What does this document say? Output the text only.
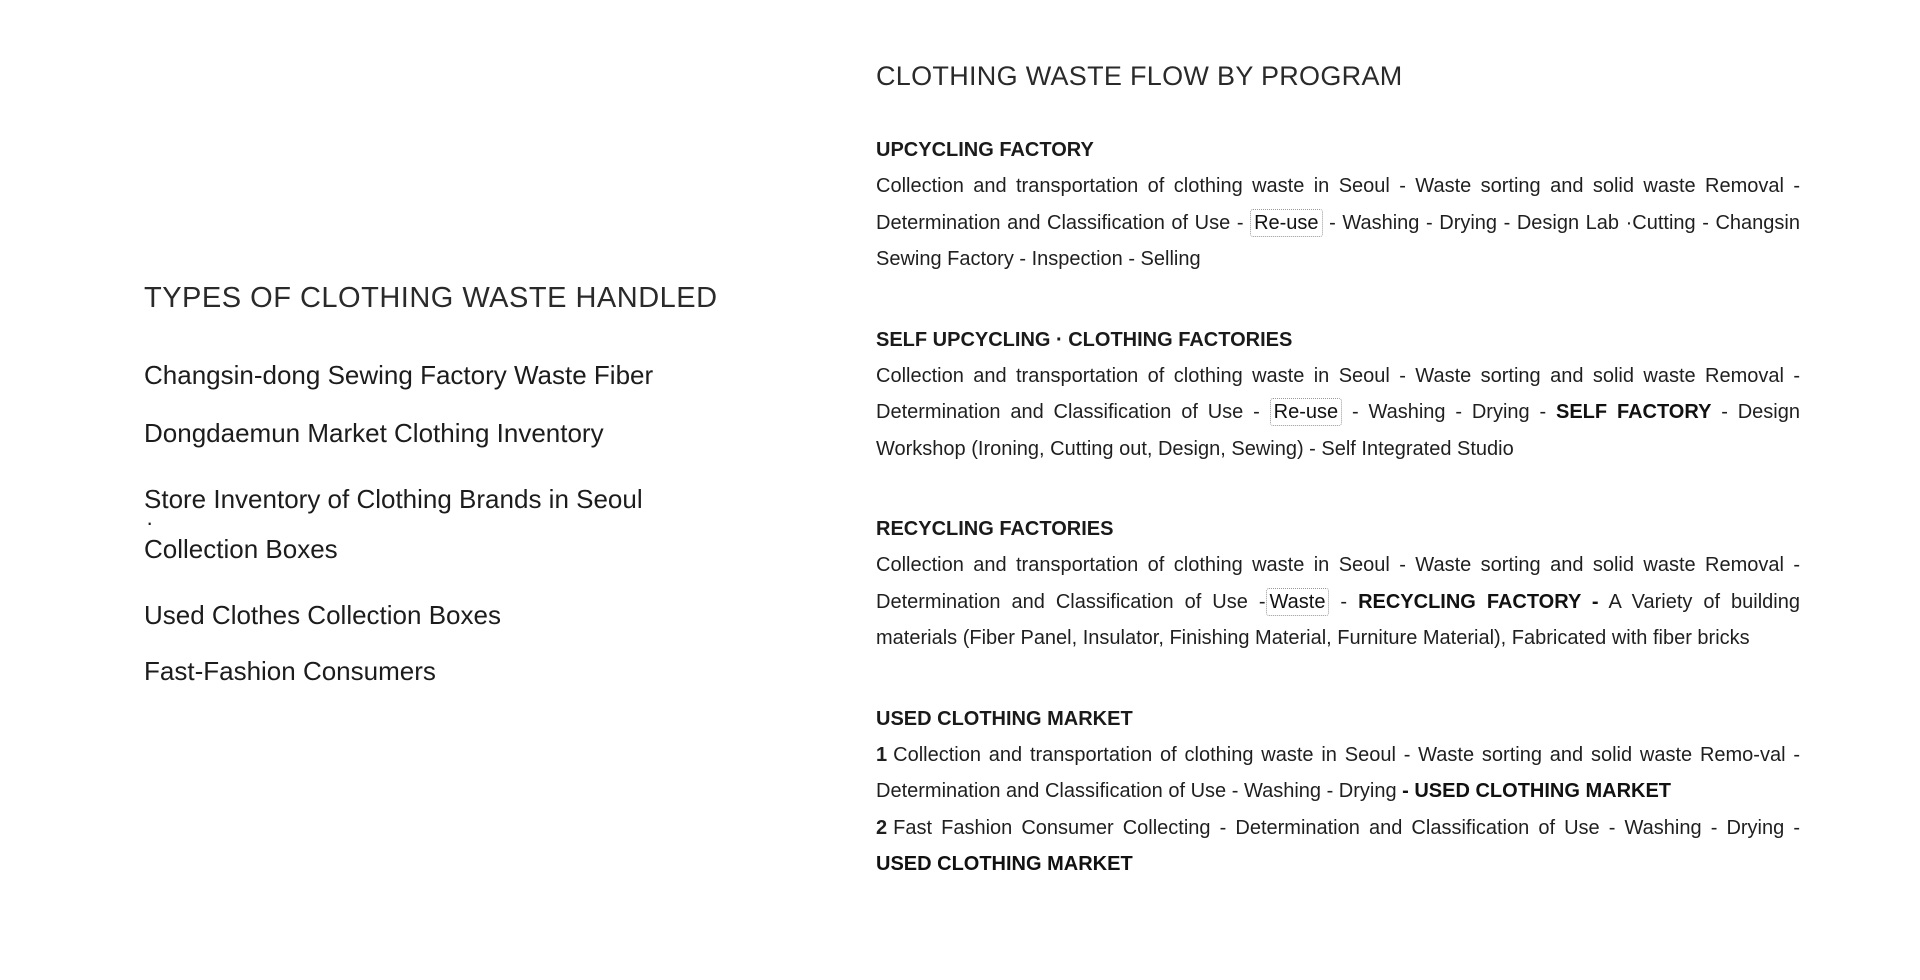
TYPES OF CLOTHING WASTE HANDLED
Changsin-dong Sewing Factory Waste Fiber
Dongdaemun Market Clothing Inventory
Store Inventory of Clothing Brands in Seoul
·
Collection Boxes
Used Clothes Collection Boxes
Fast-Fashion Consumers
CLOTHING WASTE FLOW BY PROGRAM
UPCYCLING FACTORY

Collection and transportation of clothing waste in Seoul - Waste sorting and solid waste Removal - Determination and Classification of Use - Re-use - Washing - Drying - Design Lab ·Cutting - Changsin Sewing Factory - Inspection - Selling

SELF UPCYCLING · CLOTHING FACTORIES

Collection and transportation of clothing waste in Seoul - Waste sorting and solid waste Removal - Determination and Classification of Use - Re-use - Washing - Drying - SELF FACTORY - Design Workshop (Ironing, Cutting out, Design, Sewing) - Self Integrated Studio

RECYCLING FACTORIES

Collection and transportation of clothing waste in Seoul - Waste sorting and solid waste Removal - Determination and Classification of Use - Waste - RECYCLING FACTORY - A Variety of building materials (Fiber Panel, Insulator, Finishing Material, Furniture Material), Fabricated with fiber bricks

USED CLOTHING MARKET

1 Collection and transportation of clothing waste in Seoul - Waste sorting and solid waste Remo-val - Determination and Classification of Use - Washing - Drying - USED CLOTHING MARKET
2 Fast Fashion Consumer Collecting - Determination and Classification of Use - Washing - Drying - USED CLOTHING MARKET
